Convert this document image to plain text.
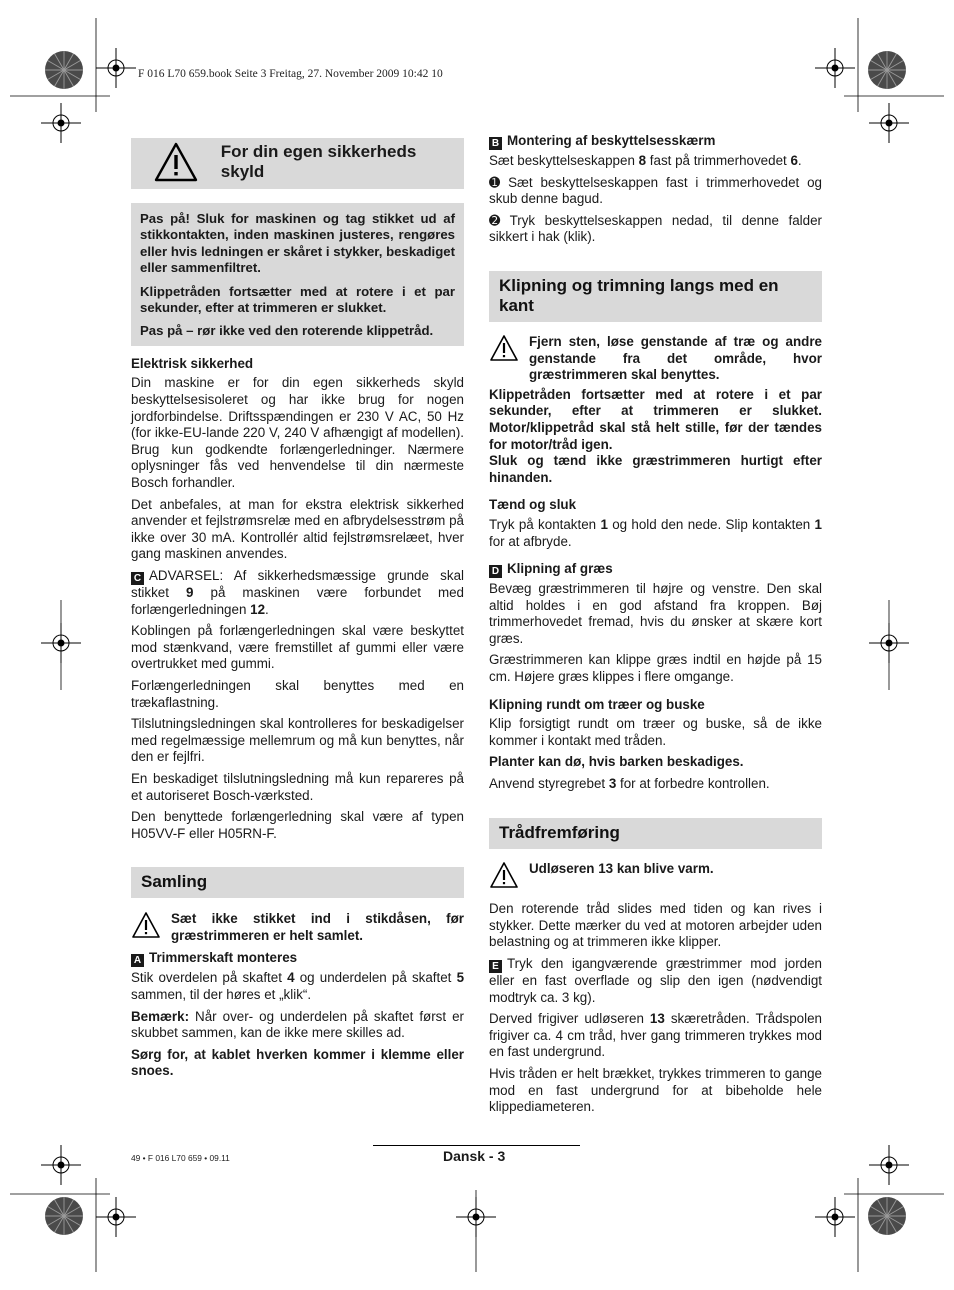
F 016 L70 659.book Seite 3 Freitag, 27. November 2009 10:42 10
For din egen sikkerheds skyld

Pas på! Sluk for maskinen og tag stikket ud af stikkontakten, inden maskinen justeres, rengøres eller hvis ledningen er skåret i stykker, beskadiget eller sammenfiltret.

Klippetråden fortsætter med at rotere i et par sekunder, efter at trimmeren er slukket.

Pas på – rør ikke ved den roterende klippetråd.

Elektrisk sikkerhed

Din maskine er for din egen sikkerheds skyld beskyttelsesisoleret og har ikke brug for nogen jordforbindelse. Driftsspændingen er 230 V AC, 50 Hz (for ikke-EU-lande 220 V, 240 V afhængigt af modellen). Brug kun godkendte forlængerledninger. Nærmere oplysninger fås ved henvendelse til din nærmeste Bosch forhandler.

Det anbefales, at man for ekstra elektrisk sikkerhed anvender et fejlstrømsrelæ med en afbrydelsesstrøm på ikke over 30 mA. Kontrollér altid fejlstrømsrelæet, hver gang maskinen anvendes.

C ADVARSEL: Af sikkerhedsmæssige grunde skal stikket 9 på maskinen være forbundet med forlængerledningen 12.

Koblingen på forlængerledningen skal være beskyttet mod stænkvand, være fremstillet af gummi eller være overtrukket med gummi.

Forlængerledningen skal benyttes med en trækaflastning.

Tilslutningsledningen skal kontrolleres for beskadigelser med regelmæssige mellemrum og må kun benyttes, når den er fejlfri.

En beskadiget tilslutningsledning må kun repareres på et autoriseret Bosch-værksted.

Den benyttede forlængerledning skal være af typen H05VV-F eller H05RN-F.

Samling
Sæt ikke stikket ind i stikdåsen, før græstrimmeren er helt samlet.
A Trimmerskaft monteres

Stik overdelen på skaftet 4 og underdelen på skaftet 5 sammen, til der høres et „klik“.

Bemærk: Når over- og underdelen på skaftet først er skubbet sammen, kan de ikke mere skilles ad.

Sørg for, at kablet hverken kommer i klemme eller snoes.

B Montering af beskyttelsesskærm

Sæt beskyttelseskappen 8 fast på trimmerhovedet 6.

➊ Sæt beskyttelseskappen fast i trimmerhovedet og skub denne bagud.

➋ Tryk beskyttelseskappen nedad, til denne falder sikkert i hak (klik).

Klipning og trimning langs med en kant
Fjern sten, løse genstande af træ og andre genstande fra det område, hvor græstrimmeren skal benyttes.

Klippetråden fortsætter med at rotere i et par sekunder, efter at trimmeren er slukket. Motor/klippetråd skal stå helt stille, før der tændes for motor/tråd igen.

Sluk og tænd ikke græstrimmeren hurtigt efter hinanden.

Tænd og sluk

Tryk på kontakten 1 og hold den nede. Slip kontakten 1 for at afbryde.

D Klipning af græs

Bevæg græstrimmeren til højre og venstre. Den skal altid holdes i en god afstand fra kroppen. Bøj trimmerhovedet fremad, hvis du ønsker at skære kort græs.

Græstrimmeren kan klippe græs indtil en højde på 15 cm. Højere græs klippes i flere omgange.

Klipning rundt om træer og buske

Klip forsigtigt rundt om træer og buske, så de ikke kommer i kontakt med tråden.

Planter kan dø, hvis barken beskadiges.

Anvend styregrebet 3 for at forbedre kontrollen.

Trådfremføring
Udløseren 13 kan blive varm.

Den roterende tråd slides med tiden og kan rives i stykker. Dette mærker du ved at motoren arbejder uden belastning og at trimmeren ikke klipper.

E Tryk den igangværende græstrimmer mod jorden eller en fast overflade og slip den igen (nødvendigt modtryk ca. 3 kg).

Derved frigiver udløseren 13 skæretråden. Trådspolen frigiver ca. 4 cm tråd, hver gang trimmeren trykkes mod en fast undergrund.

Hvis tråden er helt brækket, trykkes trimmeren to gange mod en fast undergrund for at bibeholde hele klippediameteren.

49 • F 016 L70 659 • 09.11	Dansk - 3
